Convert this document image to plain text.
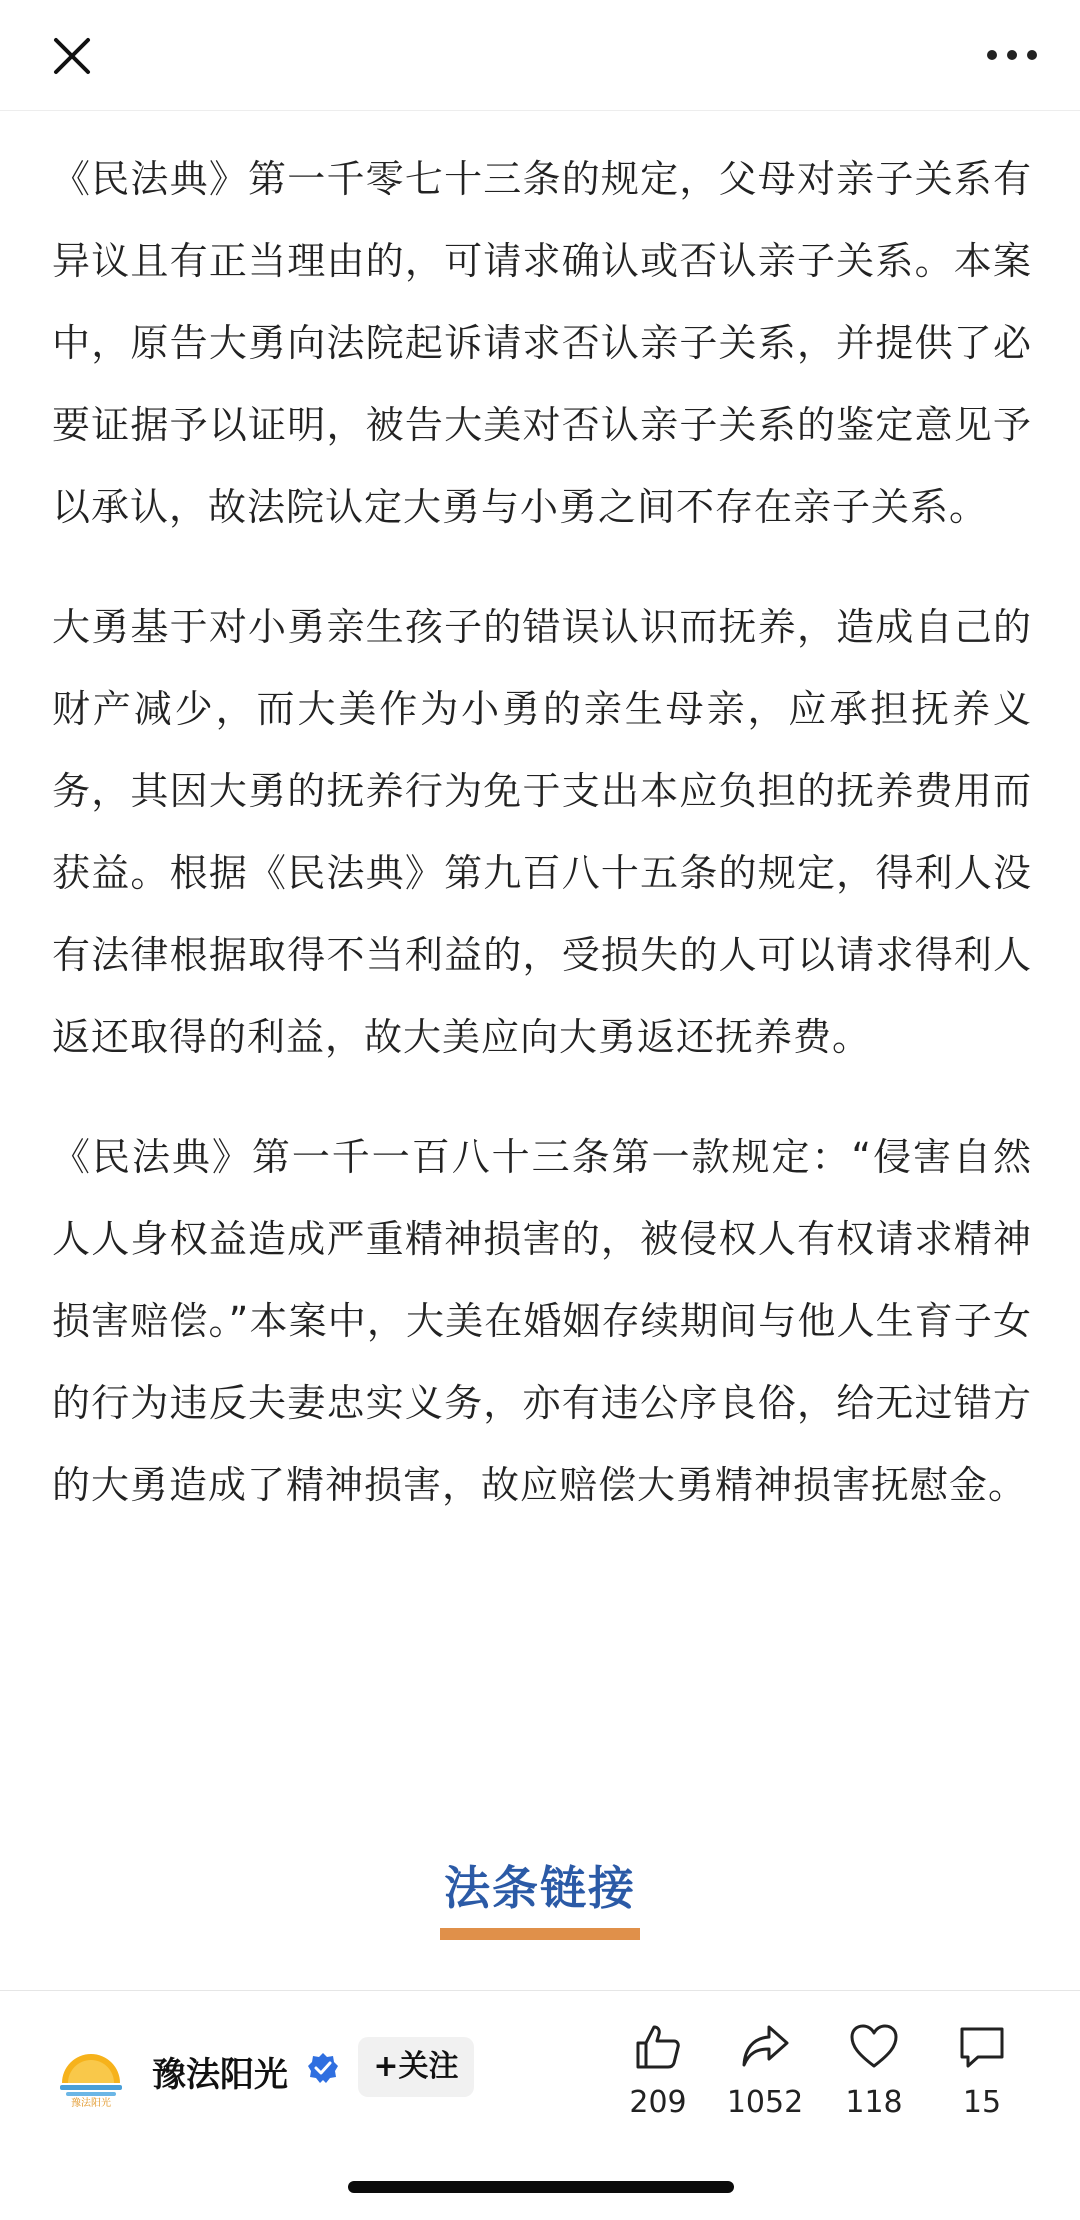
《民法典》第一千零七十三条的规定，父母对亲子关系有异议且有正当理由的，可请求确认或否认亲子关系。本案中，原告大勇向法院起诉请求否认亲子关系，并提供了必要证据予以证明，被告大美对否认亲子关系的鉴定意见予以承认，故法院认定大勇与小勇之间不存在亲子关系。

大勇基于对小勇亲生孩子的错误认识而抚养，造成自己的财产减少，而大美作为小勇的亲生母亲，应承担抚养义务，其因大勇的抚养行为免于支出本应负担的抚养费用而获益。根据《民法典》第九百八十五条的规定，得利人没有法律根据取得不当利益的，受损失的人可以请求得利人返还取得的利益，故大美应向大勇返还抚养费。

《民法典》第一千一百八十三条第一款规定：“侵害自然人人身权益造成严重精神损害的，被侵权人有权请求精神损害赔偿。”本案中，大美在婚姻存续期间与他人生育子女的行为违反夫妻忠实义务，亦有违公序良俗，给无过错方的大勇造成了精神损害，故应赔偿大勇精神损害抚慰金。

法条链接
豫法阳光
豫法阳光	+关注
209	1052	118	15
